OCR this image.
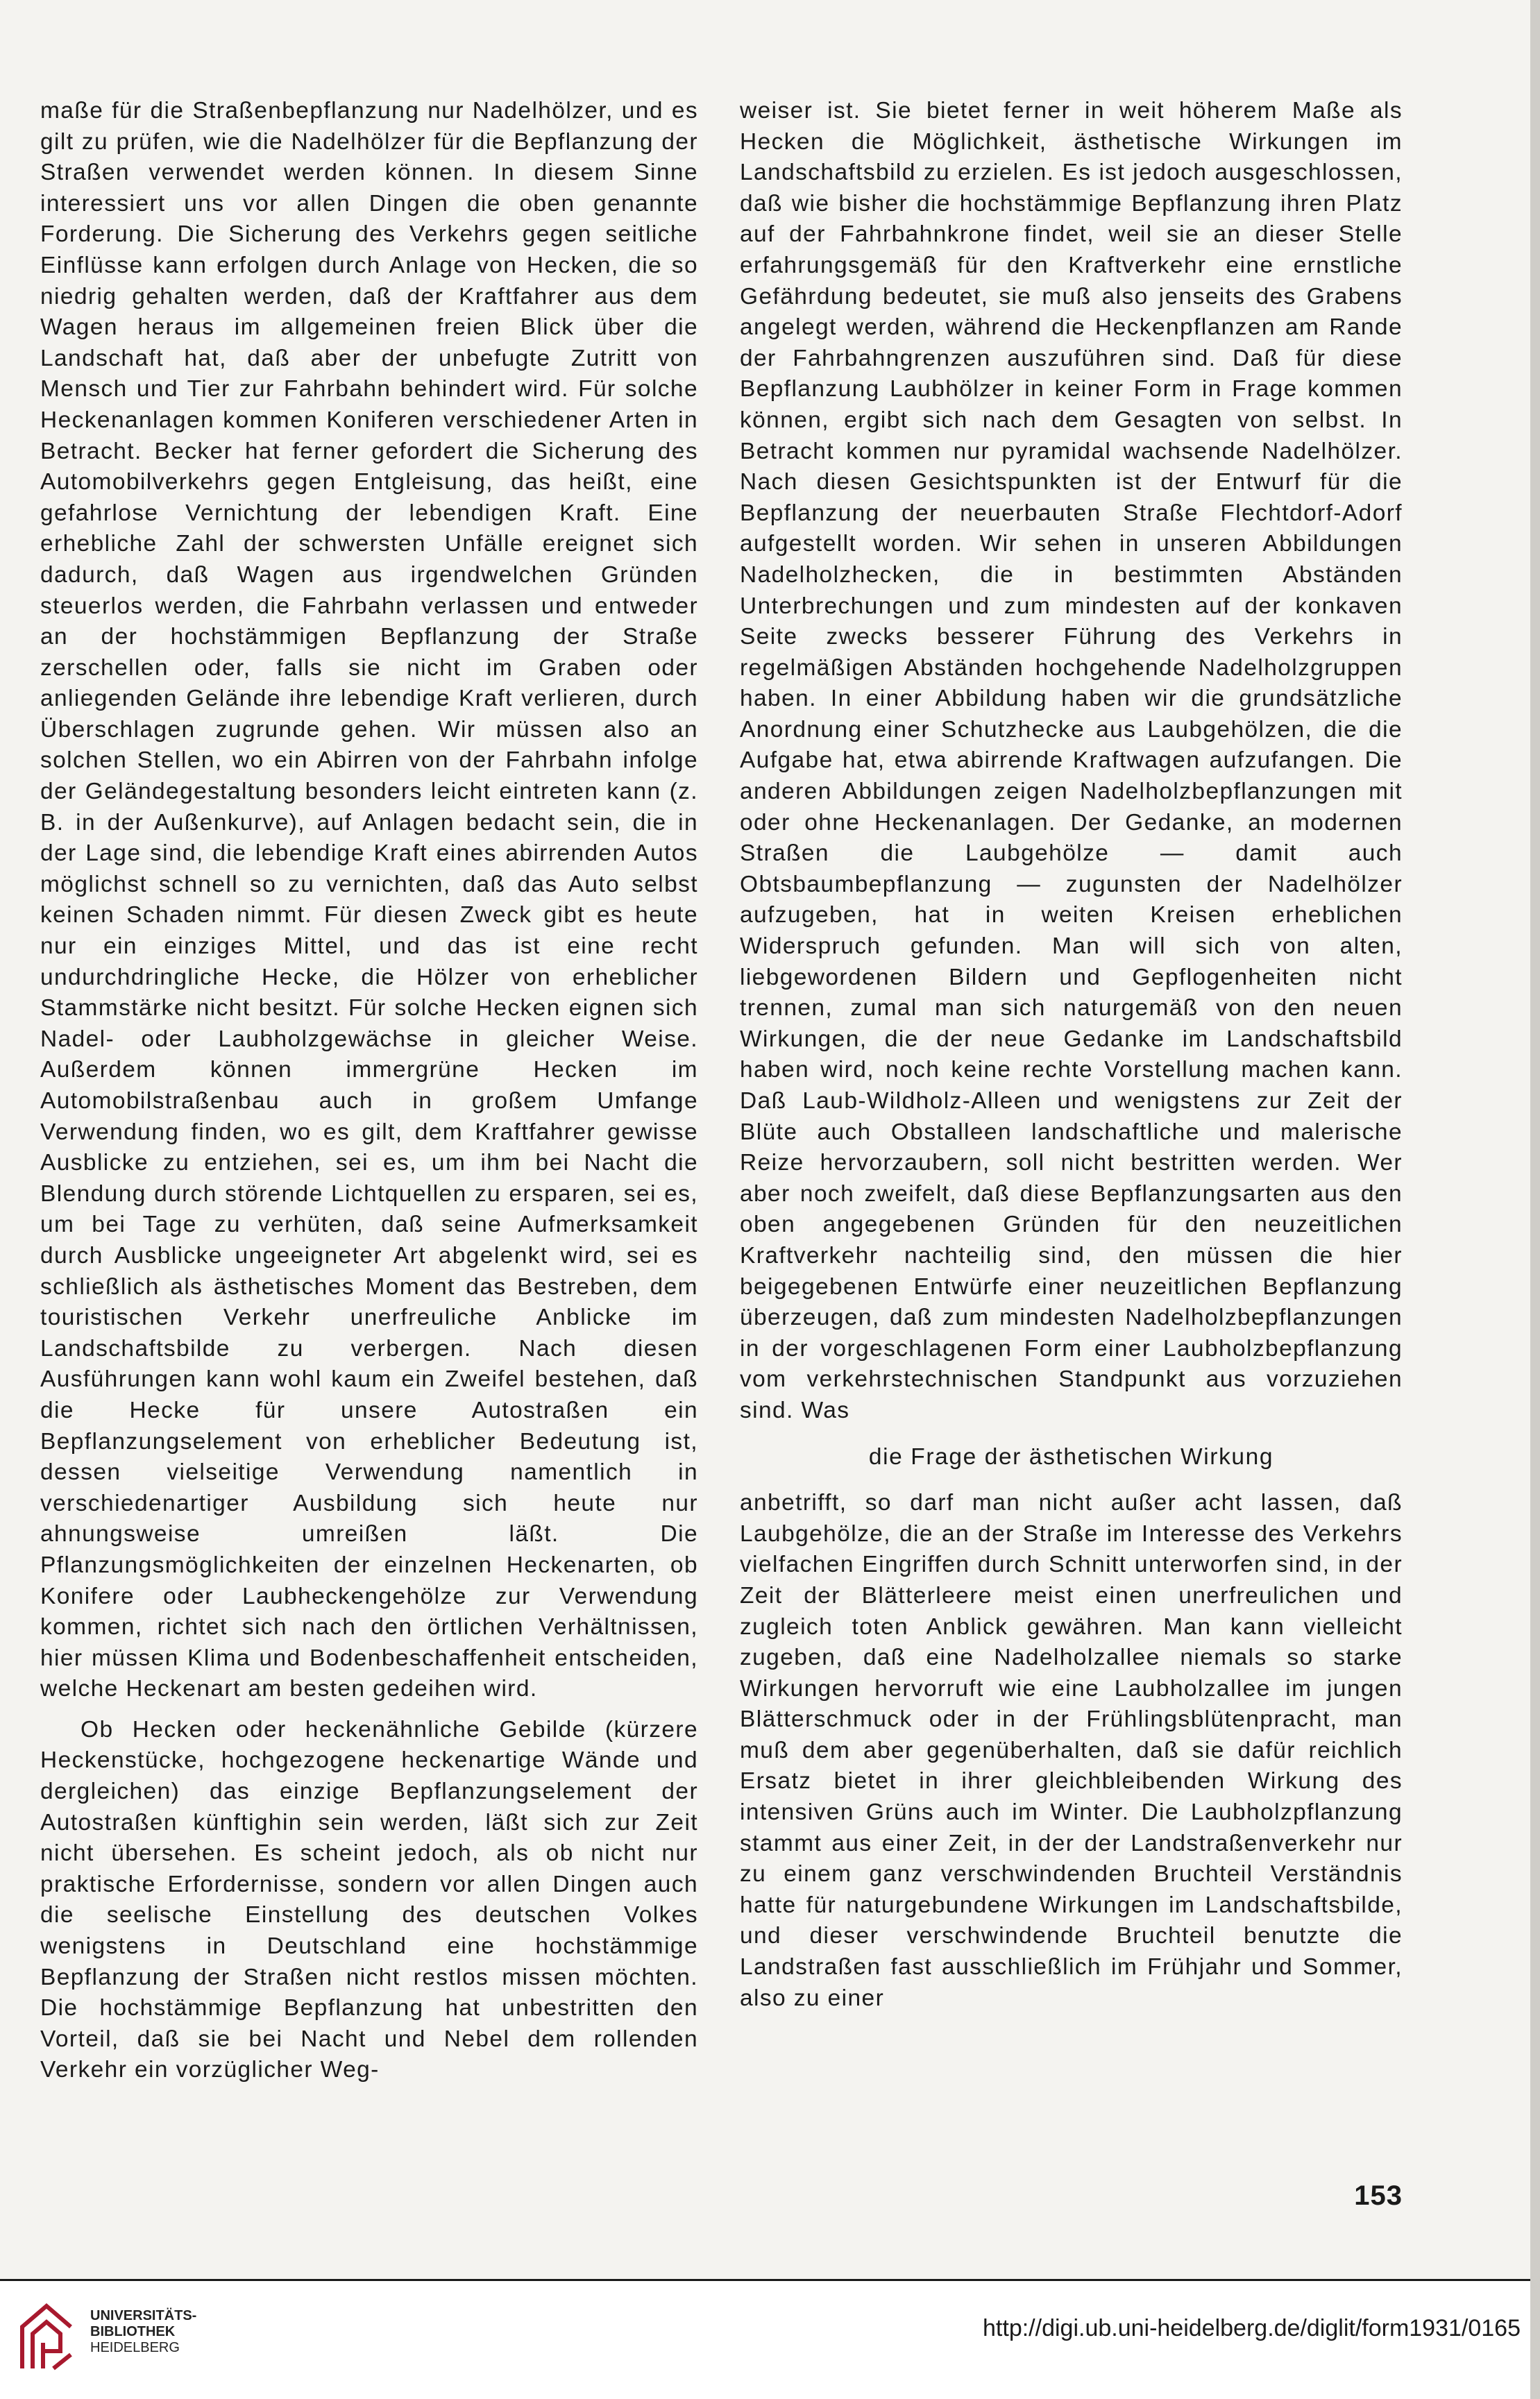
maße für die Straßenbepflanzung nur Nadelhölzer, und es gilt zu prüfen, wie die Nadelhölzer für die Bepflanzung der Straßen verwendet werden können. In diesem Sinne interessiert uns vor allen Dingen die oben genannte Forderung. Die Sicherung des Verkehrs gegen seitliche Einflüsse kann erfolgen durch Anlage von Hecken, die so niedrig gehalten werden, daß der Kraftfahrer aus dem Wagen heraus im allgemeinen freien Blick über die Landschaft hat, daß aber der unbefugte Zutritt von Mensch und Tier zur Fahrbahn behindert wird. Für solche Heckenanlagen kommen Koniferen verschiedener Arten in Betracht. Becker hat ferner gefordert die Sicherung des Automobilverkehrs gegen Entgleisung, das heißt, eine gefahrlose Vernichtung der lebendigen Kraft. Eine erhebliche Zahl der schwersten Unfälle ereignet sich dadurch, daß Wagen aus irgendwelchen Gründen steuerlos werden, die Fahrbahn verlassen und entweder an der hochstämmigen Bepflanzung der Straße zerschellen oder, falls sie nicht im Graben oder anliegenden Gelände ihre lebendige Kraft verlieren, durch Überschlagen zugrunde gehen. Wir müssen also an solchen Stellen, wo ein Abirren von der Fahrbahn infolge der Geländegestaltung besonders leicht eintreten kann (z. B. in der Außenkurve), auf Anlagen bedacht sein, die in der Lage sind, die lebendige Kraft eines abirrenden Autos möglichst schnell so zu vernichten, daß das Auto selbst keinen Schaden nimmt. Für diesen Zweck gibt es heute nur ein einziges Mittel, und das ist eine recht undurchdringliche Hecke, die Hölzer von erheblicher Stammstärke nicht besitzt. Für solche Hecken eignen sich Nadel- oder Laubholzgewächse in gleicher Weise. Außerdem können immergrüne Hecken im Automobilstraßenbau auch in großem Umfange Verwendung finden, wo es gilt, dem Kraftfahrer gewisse Ausblicke zu entziehen, sei es, um ihm bei Nacht die Blendung durch störende Lichtquellen zu ersparen, sei es, um bei Tage zu verhüten, daß seine Aufmerksamkeit durch Ausblicke ungeeigneter Art abgelenkt wird, sei es schließlich als ästhetisches Moment das Bestreben, dem touristischen Verkehr unerfreuliche Anblicke im Landschaftsbilde zu verbergen. Nach diesen Ausführungen kann wohl kaum ein Zweifel bestehen, daß die Hecke für unsere Autostraßen ein Bepflanzungselement von erheblicher Bedeutung ist, dessen vielseitige Verwendung namentlich in verschiedenartiger Ausbildung sich heute nur ahnungsweise umreißen läßt. Die Pflanzungsmöglichkeiten der einzelnen Heckenarten, ob Konifere oder Laubheckengehölze zur Verwendung kommen, richtet sich nach den örtlichen Verhältnissen, hier müssen Klima und Bodenbeschaffenheit entscheiden, welche Heckenart am besten gedeihen wird.

Ob Hecken oder heckenähnliche Gebilde (kürzere Heckenstücke, hochgezogene heckenartige Wände und dergleichen) das einzige Bepflanzungselement der Autostraßen künftighin sein werden, läßt sich zur Zeit nicht übersehen. Es scheint jedoch, als ob nicht nur praktische Erfordernisse, sondern vor allen Dingen auch die seelische Einstellung des deutschen Volkes wenigstens in Deutschland eine hochstämmige Bepflanzung der Straßen nicht restlos missen möchten. Die hochstämmige Bepflanzung hat unbestritten den Vorteil, daß sie bei Nacht und Nebel dem rollenden Verkehr ein vorzüglicher Weg-

weiser ist. Sie bietet ferner in weit höherem Maße als Hecken die Möglichkeit, ästhetische Wirkungen im Landschaftsbild zu erzielen. Es ist jedoch ausgeschlossen, daß wie bisher die hochstämmige Bepflanzung ihren Platz auf der Fahrbahnkrone findet, weil sie an dieser Stelle erfahrungsgemäß für den Kraftverkehr eine ernstliche Gefährdung bedeutet, sie muß also jenseits des Grabens angelegt werden, während die Heckenpflanzen am Rande der Fahrbahngrenzen auszuführen sind. Daß für diese Bepflanzung Laubhölzer in keiner Form in Frage kommen können, ergibt sich nach dem Gesagten von selbst. In Betracht kommen nur pyramidal wachsende Nadelhölzer. Nach diesen Gesichtspunkten ist der Entwurf für die Bepflanzung der neuerbauten Straße Flechtdorf-Adorf aufgestellt worden. Wir sehen in unseren Abbildungen Nadelholzhecken, die in bestimmten Abständen Unterbrechungen und zum mindesten auf der konkaven Seite zwecks besserer Führung des Verkehrs in regelmäßigen Abständen hochgehende Nadelholzgruppen haben. In einer Abbildung haben wir die grundsätzliche Anordnung einer Schutzhecke aus Laubgehölzen, die die Aufgabe hat, etwa abirrende Kraftwagen aufzufangen. Die anderen Abbildungen zeigen Nadelholzbepflanzungen mit oder ohne Heckenanlagen. Der Gedanke, an modernen Straßen die Laubgehölze — damit auch Obtsbaumbepflanzung — zugunsten der Nadelhölzer aufzugeben, hat in weiten Kreisen erheblichen Widerspruch gefunden. Man will sich von alten, liebgewordenen Bildern und Gepflogenheiten nicht trennen, zumal man sich naturgemäß von den neuen Wirkungen, die der neue Gedanke im Landschaftsbild haben wird, noch keine rechte Vorstellung machen kann. Daß Laub-Wildholz-Alleen und wenigstens zur Zeit der Blüte auch Obstalleen landschaftliche und malerische Reize hervorzaubern, soll nicht bestritten werden. Wer aber noch zweifelt, daß diese Bepflanzungsarten aus den oben angegebenen Gründen für den neuzeitlichen Kraftverkehr nachteilig sind, den müssen die hier beigegebenen Entwürfe einer neuzeitlichen Bepflanzung überzeugen, daß zum mindesten Nadelholzbepflanzungen in der vorgeschlagenen Form einer Laubholzbepflanzung vom verkehrstechnischen Standpunkt aus vorzuziehen sind. Was

die Frage der ästhetischen Wirkung

anbetrifft, so darf man nicht außer acht lassen, daß Laubgehölze, die an der Straße im Interesse des Verkehrs vielfachen Eingriffen durch Schnitt unterworfen sind, in der Zeit der Blätterleere meist einen unerfreulichen und zugleich toten Anblick gewähren. Man kann vielleicht zugeben, daß eine Nadelholzallee niemals so starke Wirkungen hervorruft wie eine Laubholzallee im jungen Blätterschmuck oder in der Frühlingsblütenpracht, man muß dem aber gegenüberhalten, daß sie dafür reichlich Ersatz bietet in ihrer gleichbleibenden Wirkung des intensiven Grüns auch im Winter. Die Laubholzpflanzung stammt aus einer Zeit, in der der Landstraßenverkehr nur zu einem ganz verschwindenden Bruchteil Verständnis hatte für naturgebundene Wirkungen im Landschaftsbilde, und dieser verschwindende Bruchteil benutzte die Landstraßen fast ausschließlich im Frühjahr und Sommer, also zu einer

153
UNIVERSITÄTS-
BIBLIOTHEK
HEIDELBERG
http://digi.ub.uni-heidelberg.de/diglit/form1931/0165
